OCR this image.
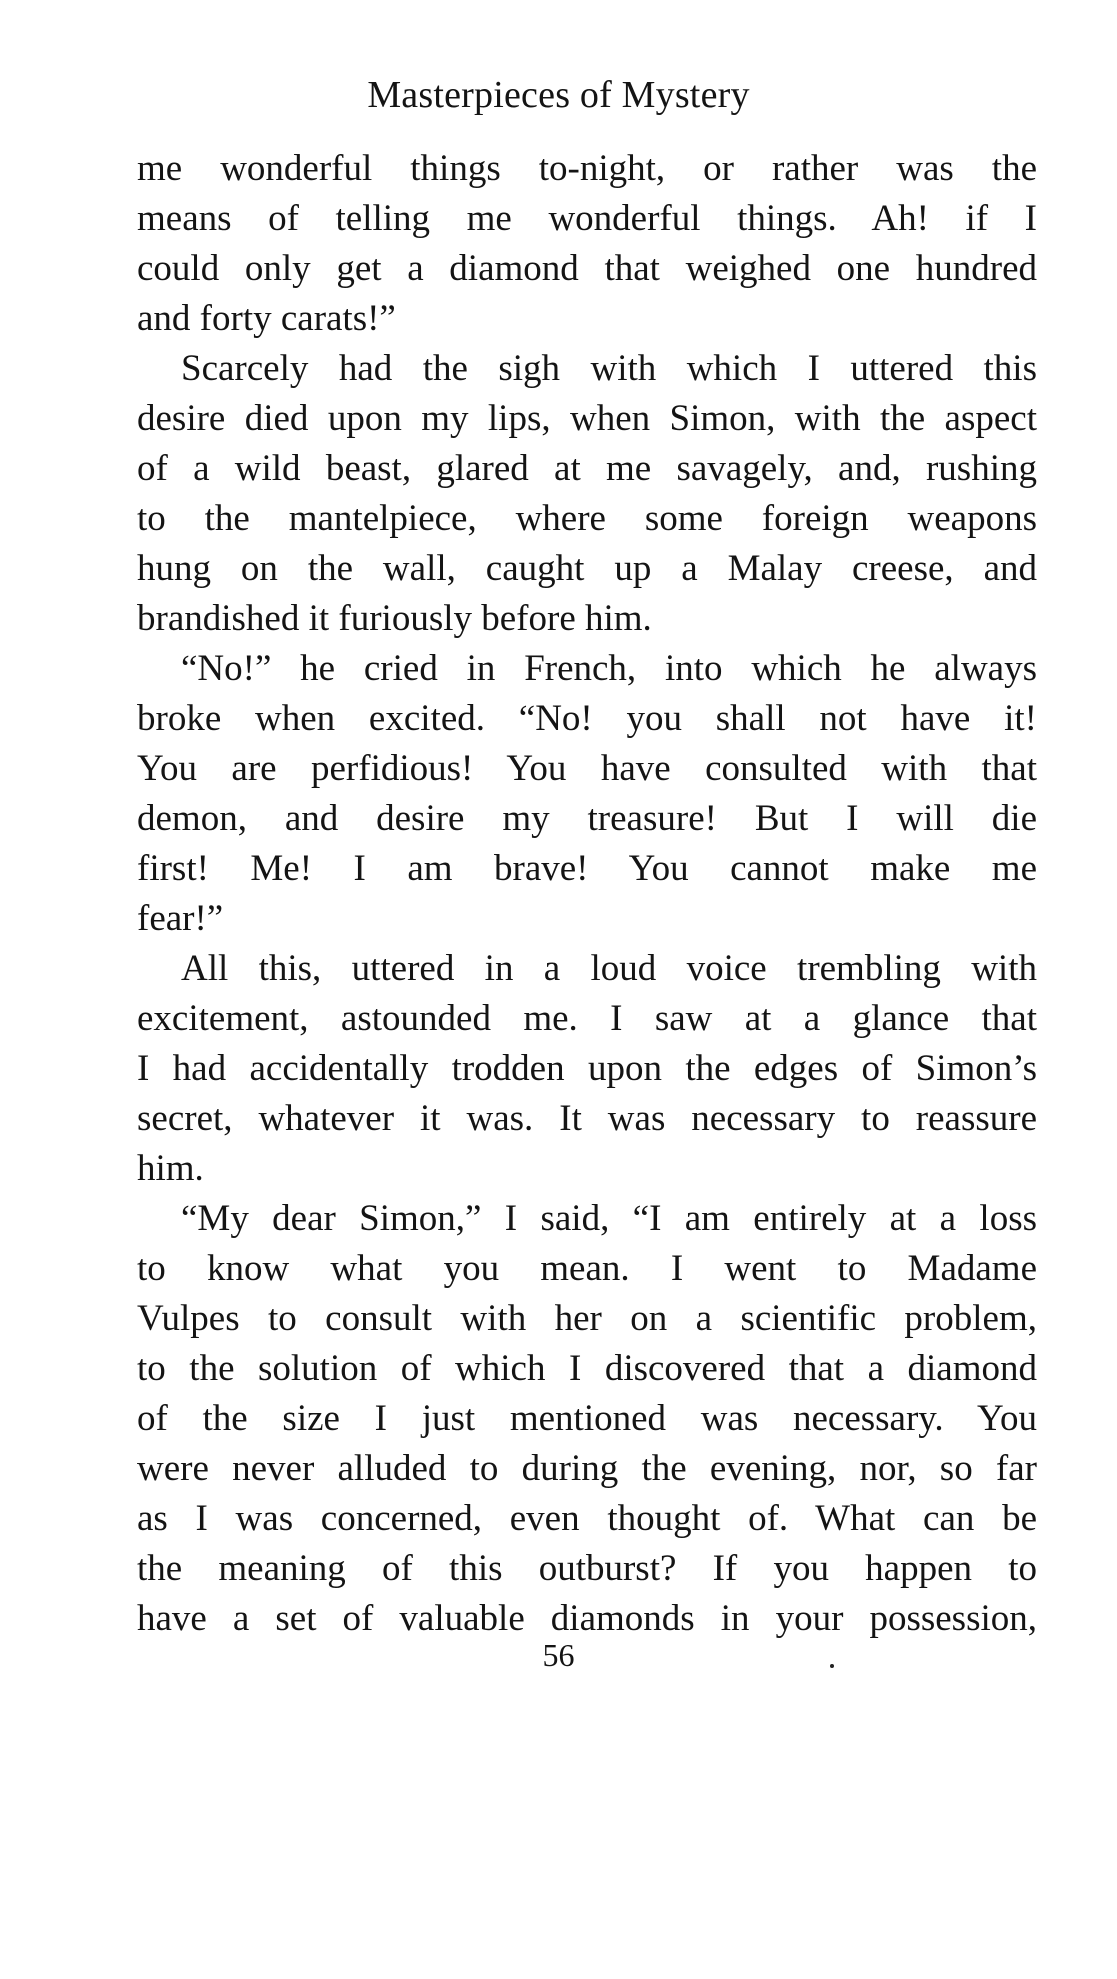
Masterpieces of Mystery
me wonderful things to-night, or rather was the
means of telling me wonderful things. Ah! if I
could only get a diamond that weighed one hundred
and forty carats!”
Scarcely had the sigh with which I uttered this
desire died upon my lips, when Simon, with the aspect
of a wild beast, glared at me savagely, and, rushing
to the mantelpiece, where some foreign weapons
hung on the wall, caught up a Malay creese, and
brandished it furiously before him.
“No!” he cried in French, into which he always
broke when excited. “No! you shall not have it!
You are perfidious! You have consulted with that
demon, and desire my treasure! But I will die
first! Me! I am brave! You cannot make me
fear!”
All this, uttered in a loud voice trembling with
excitement, astounded me. I saw at a glance that
I had accidentally trodden upon the edges of Simon’s
secret, whatever it was. It was necessary to reassure
him.
“My dear Simon,” I said, “I am entirely at a loss
to know what you mean. I went to Madame
Vulpes to consult with her on a scientific problem,
to the solution of which I discovered that a diamond
of the size I just mentioned was necessary. You
were never alluded to during the evening, nor, so far
as I was concerned, even thought of. What can be
the meaning of this outburst? If you happen to
have a set of valuable diamonds in your possession,
56
